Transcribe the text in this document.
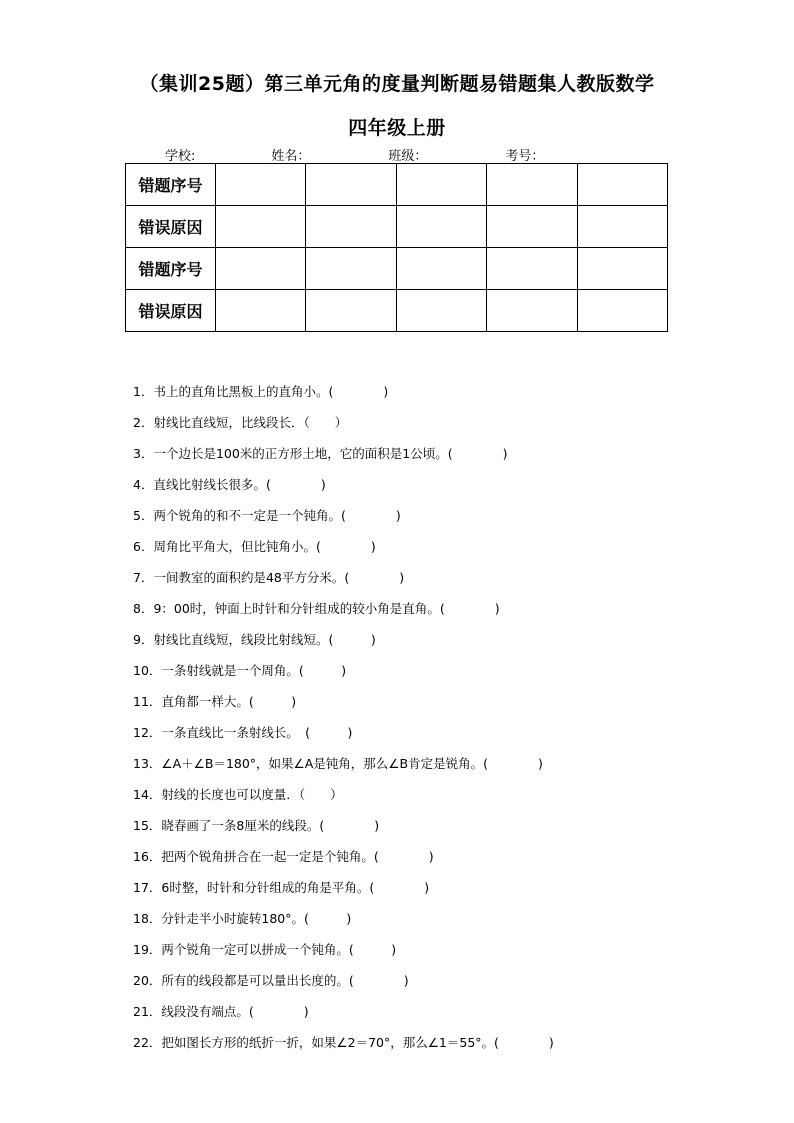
（集训25题）第三单元角的度量判断题易错题集人教版数学
四年级上册
学校:	姓名：	班级：	考号：
错题序号					
错误原因					
错题序号					
错误原因					
1．书上的直角比黑板上的直角小。(　　　　)
2．射线比直线短，比线段长．（　　）
3．一个边长是100米的正方形土地，它的面积是1公顷。(　　　　)
4．直线比射线长很多。(　　　　)
5．两个锐角的和不一定是一个钝角。(　　　　)
6．周角比平角大，但比钝角小。(　　　　)
7．一间教室的面积约是48平方分米。(　　　　)
8．9：00时，钟面上时针和分针组成的较小角是直角。(　　　　)
9．射线比直线短，线段比射线短。(　　　)
10．一条射线就是一个周角。(　　　)
11．直角都一样大。(　　　)
12．一条直线比一条射线长。　(　　　)
13．∠A＋∠B＝180°，如果∠A是钝角，那么∠B肯定是锐角。(　　　　)
14．射线的长度也可以度量．（　　）
15．晓春画了一条8厘米的线段。(　　　　)
16．把两个锐角拼合在一起一定是个钝角。(　　　　)
17．6时整，时针和分针组成的角是平角。(　　　　)
18．分针走半小时旋转180°。(　　　)
19．两个锐角一定可以拼成一个钝角。(　　　)
20．所有的线段都是可以量出长度的。(　　　　)
21．线段没有端点。(　　　　)
22．把如图长方形的纸折一折，如果∠2＝70°，那么∠1＝55°。(　　　　)
